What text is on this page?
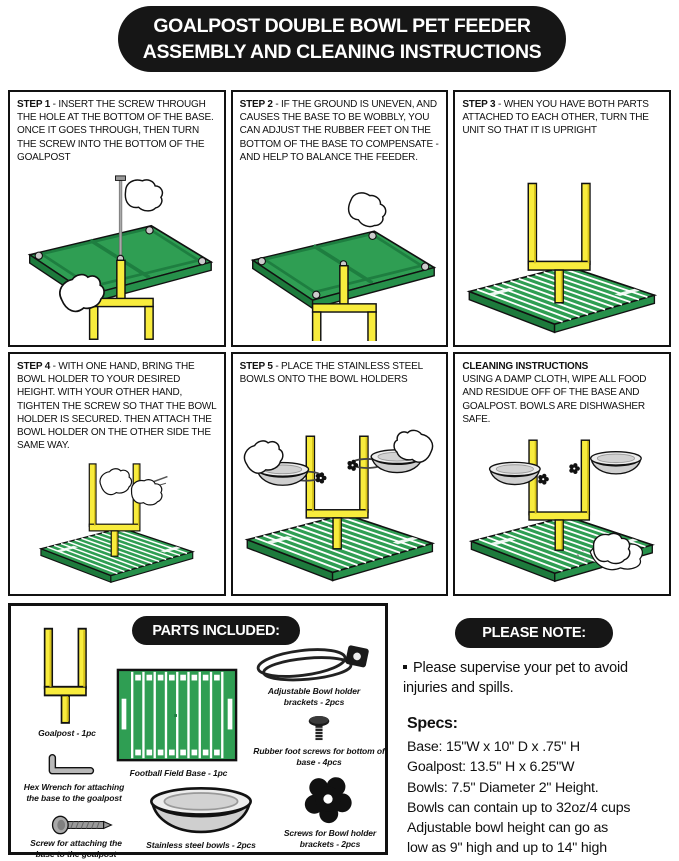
GOALPOST DOUBLE BOWL PET FEEDER
ASSEMBLY AND CLEANING INSTRUCTIONS
STEP 1 - INSERT THE SCREW THROUGH THE HOLE AT THE BOTTOM OF THE BASE. ONCE IT GOES THROUGH, THEN TURN THE SCREW INTO THE BOTTOM OF THE GOALPOST
STEP 2 - IF THE GROUND IS UNEVEN, AND CAUSES THE BASE TO BE WOBBLY, YOU CAN ADJUST THE RUBBER FEET ON THE BOTTOM OF THE BASE TO COMPENSATE - AND HELP TO BALANCE THE FEEDER.
STEP 3 - WHEN YOU HAVE BOTH PARTS ATTACHED TO EACH OTHER, TURN THE UNIT SO THAT IT IS UPRIGHT
STEP 4 - WITH ONE HAND, BRING THE BOWL HOLDER TO YOUR DESIRED HEIGHT. WITH YOUR OTHER HAND, TIGHTEN THE SCREW SO THAT THE BOWL HOLDER IS SECURED. THEN ATTACH THE BOWL HOLDER ON THE OTHER SIDE THE SAME WAY.
STEP 5 - PLACE THE STAINLESS STEEL BOWLS ONTO THE BOWL HOLDERS
CLEANING INSTRUCTIONS
USING A DAMP CLOTH, WIPE ALL FOOD AND RESIDUE OFF OF THE BASE AND GOALPOST. BOWLS ARE DISHWASHER SAFE.
PARTS INCLUDED:
Goalpost - 1pc
Football Field Base - 1pc
Adjustable Bowl holder brackets - 2pcs
Rubber foot screws for bottom of base - 4pcs
Hex Wrench for attaching the base to the goalpost
Screw for attaching the base to the goalpost
Stainless steel bowls - 2pcs
Screws for Bowl holder brackets - 2pcs
PLEASE NOTE:
Please supervise your pet to avoid injuries and spills.
Specs:
Base: 15"W x 10" D x .75" H
Goalpost: 13.5" H x 6.25"W
Bowls: 7.5" Diameter 2" Height.
Bowls can contain up to 32oz/4 cups
Adjustable bowl height can go as
low as 9" high and up to 14" high
